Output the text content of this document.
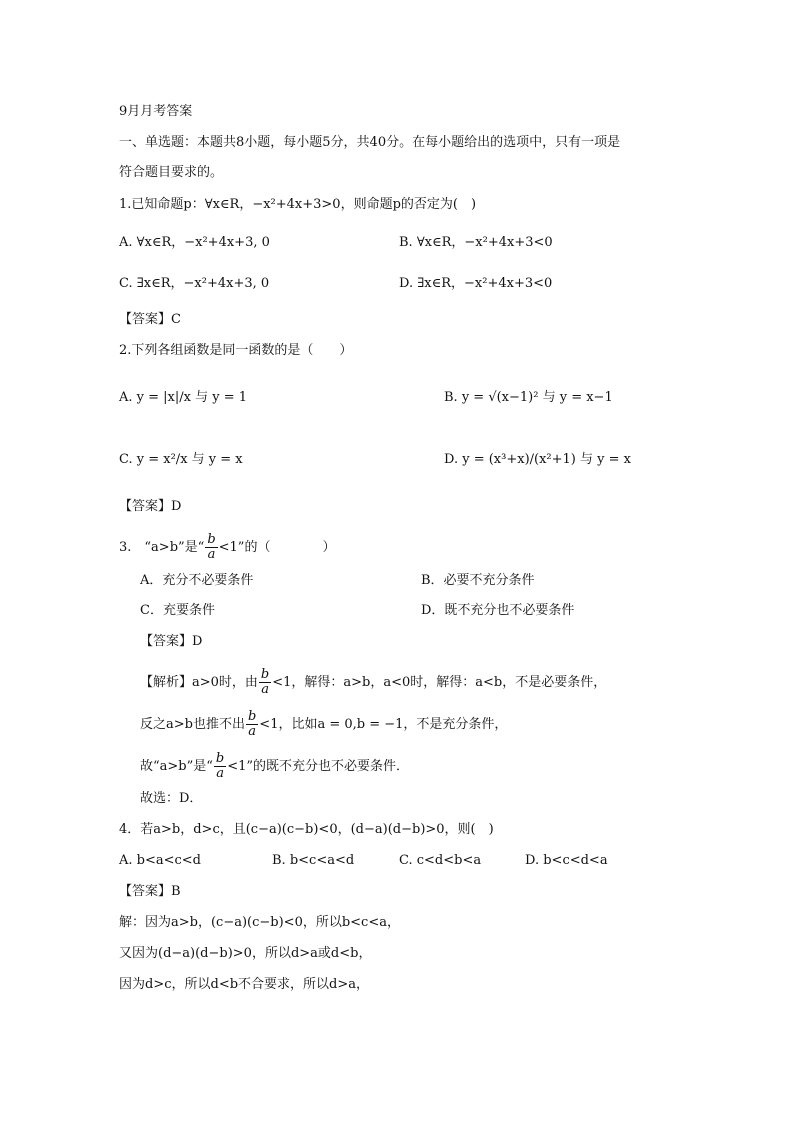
9月月考答案
一、单选题：本题共8小题，每小题5分，共40分。在每小题给出的选项中，只有一项是
符合题目要求的。
1.已知命题p：∀x∈R，−x²+4x+3>0，则命题p的否定为(　)
A. ∀x∈R，−x²+4x+3, 0	B. ∀x∈R，−x²+4x+3<0
C. ∃x∈R，−x²+4x+3, 0	D. ∃x∈R，−x²+4x+3<0
【答案】C
2.下列各组函数是同一函数的是（　　）
A. y = |x|/x 与 y = 1	B. y = √(x−1)² 与 y = x−1
C. y = x²/x 与 y = x	D. y = (x³+x)/(x²+1) 与 y = x
【答案】D
3.　“a>b”是“ $\frac{b}{a} <1$”的（　　　　）
A．充分不必要条件	B．必要不充分条件
C．充要条件	D．既不充分也不必要条件
【答案】D
【解析】a>0时，由 $\frac{b}{a} <1$，解得：a>b，a<0时，解得：a<b，不是必要条件，
反之a>b也推不出 $\frac{b}{a} <1$，比如a = 0,b = −1，不是充分条件，
故“a>b”是“ $\frac{b}{a} <1$”的既不充分也不必要条件．
故选：D．
4．若a>b，d>c，且(c−a)(c−b)<0，(d−a)(d−b)>0，则(　)
A. b<a<c<d	B. b<c<a<d	C. c<d<b<a	D. b<c<d<a
【答案】B
解：因为a>b，(c−a)(c−b)<0，所以b<c<a，
又因为(d−a)(d−b)>0，所以d>a或d<b，
因为d>c，所以d<b不合要求，所以d>a，
